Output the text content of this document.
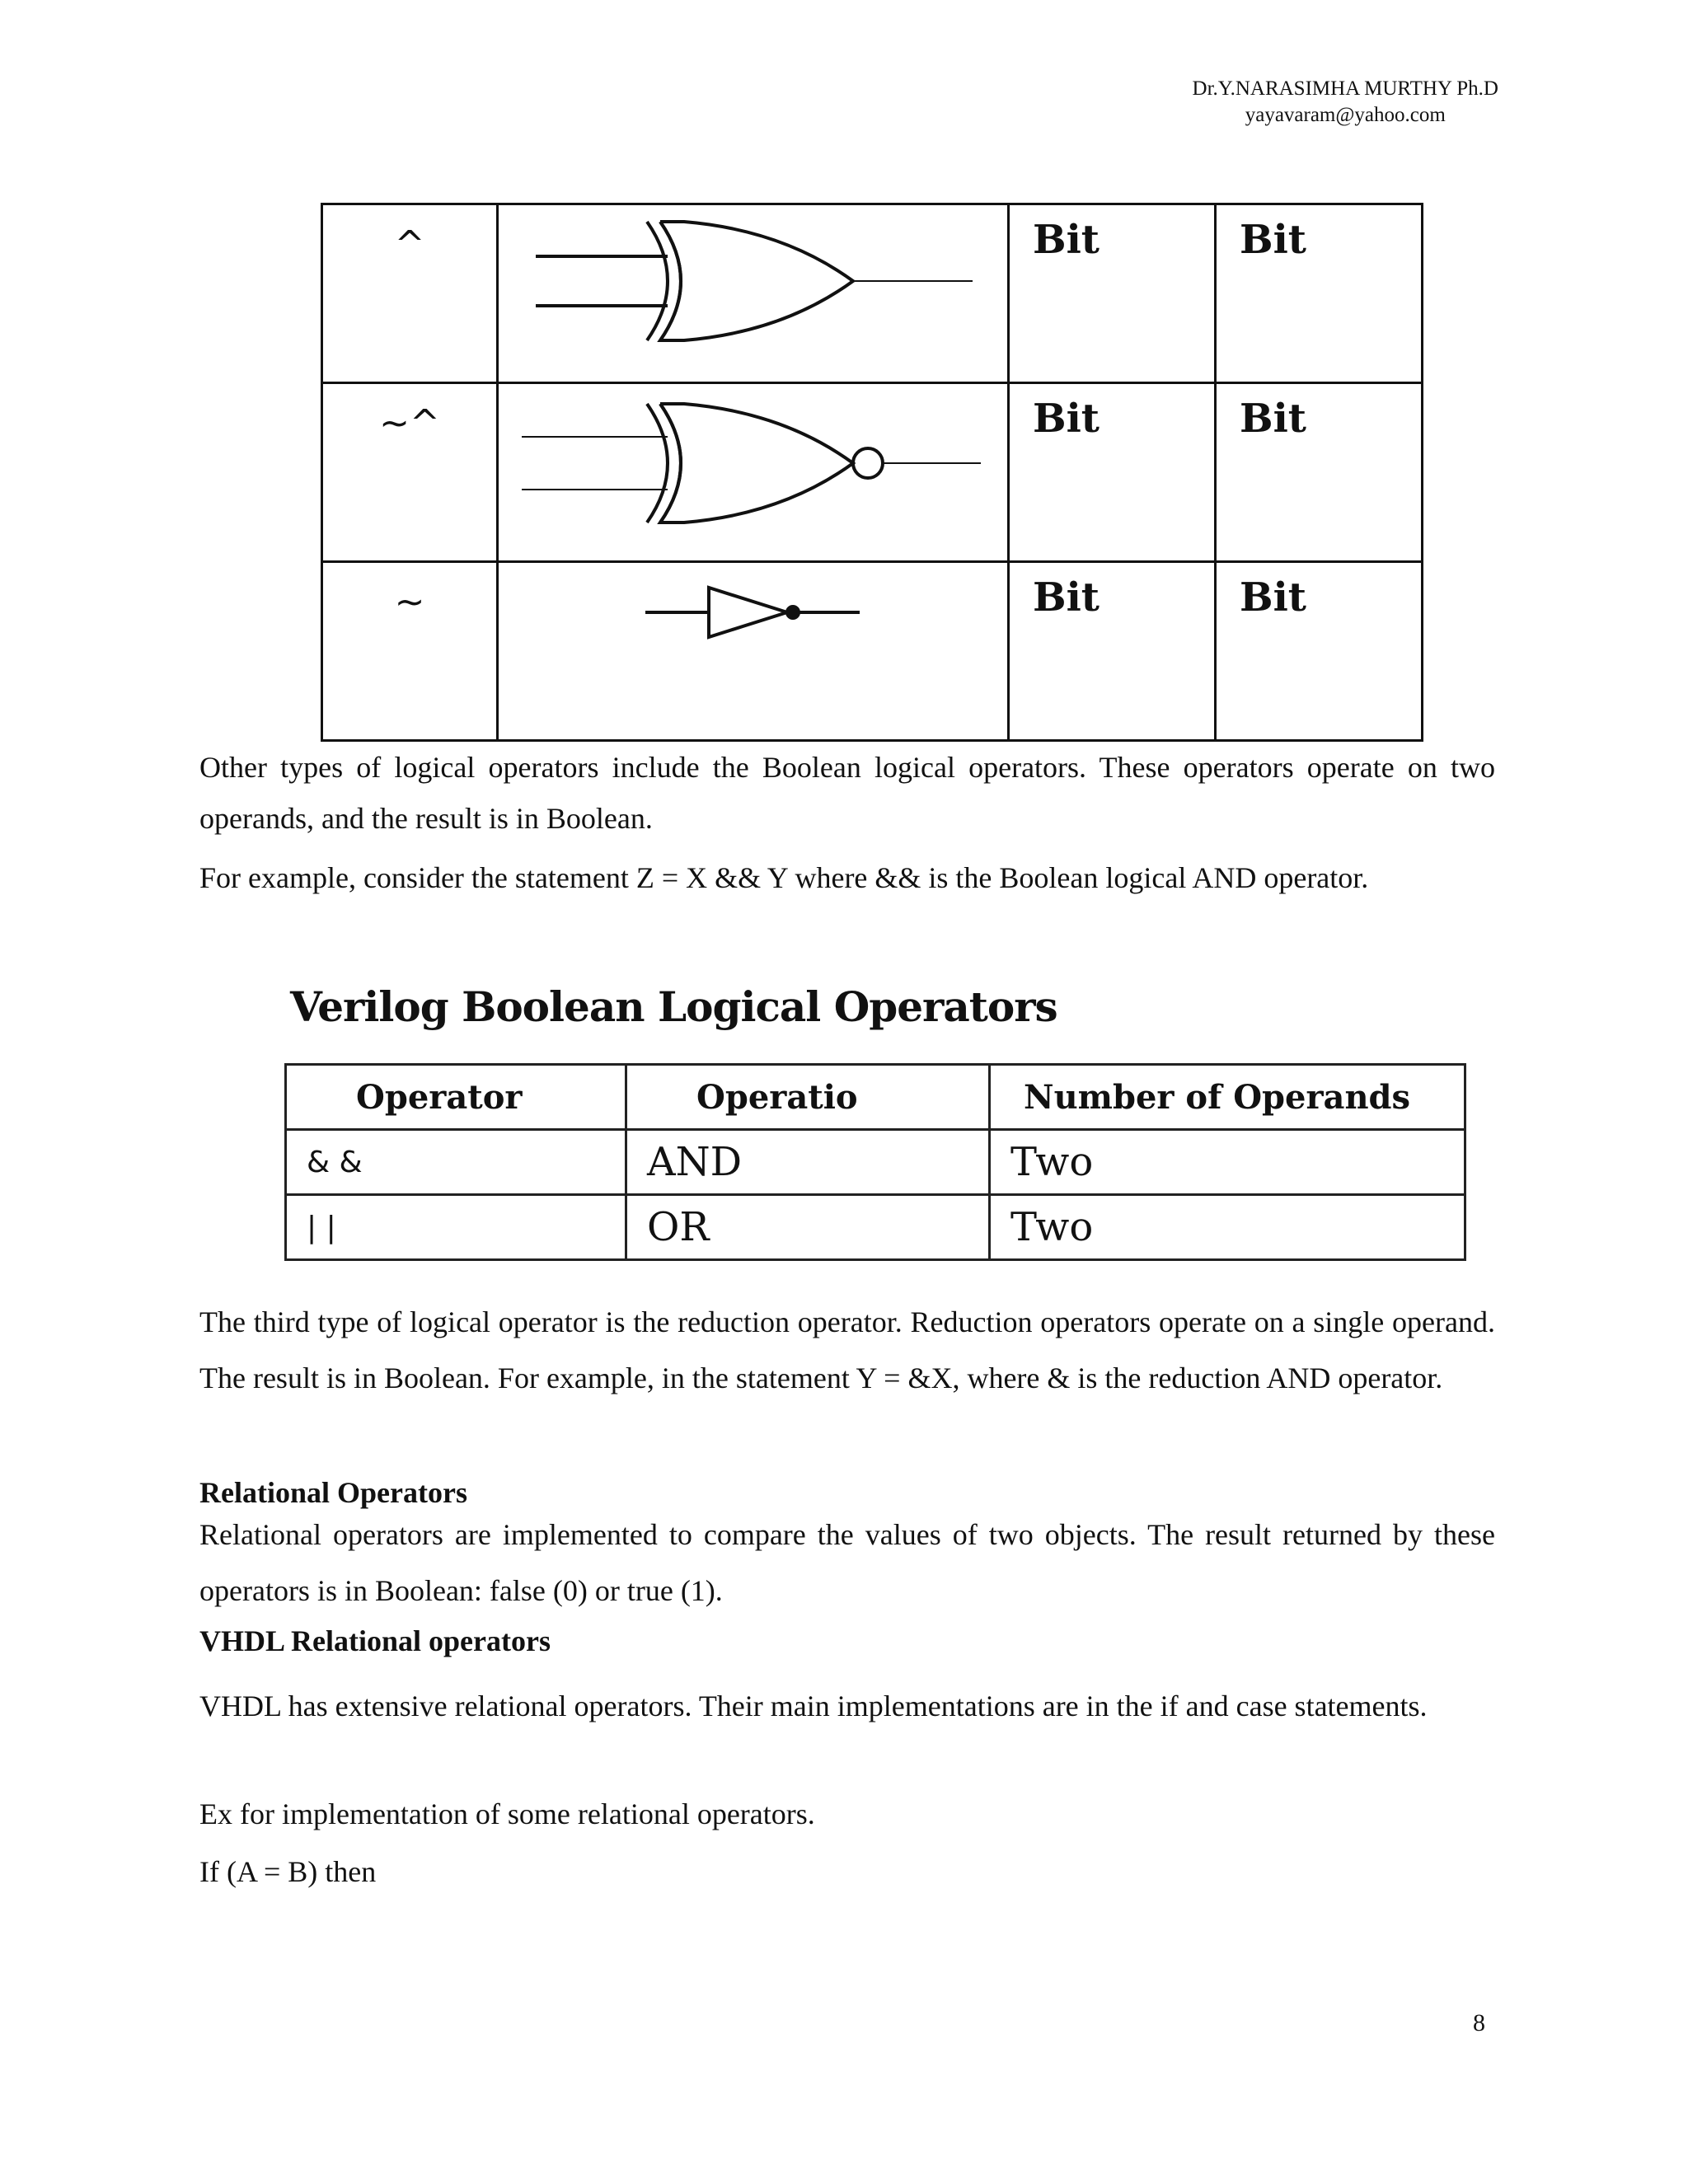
Dr.Y.NARASIMHA MURTHY Ph.D
yayavaram@yahoo.com
^		Bit	Bit
~^		Bit	Bit
~		Bit	Bit

Other types of logical operators include the Boolean logical operators. These operators operate on two operands, and the result is in Boolean.

For example, consider the statement Z = X && Y where && is the Boolean logical AND operator.

Verilog Boolean Logical Operators
Operator	Operatio	Number of Operands
& &	AND	Two
| |	OR	Two

The third type of logical operator is the reduction operator. Reduction operators operate on a single operand. The result is in Boolean. For example, in the statement Y = &X, where & is the reduction AND operator.

Relational Operators

Relational operators are implemented to compare the values of two objects. The result returned by these operators is in Boolean: false (0) or true (1).

VHDL Relational operators

VHDL has extensive relational operators. Their main implementations are in the if and case statements.

Ex for implementation of some relational operators.

If (A = B) then

8
